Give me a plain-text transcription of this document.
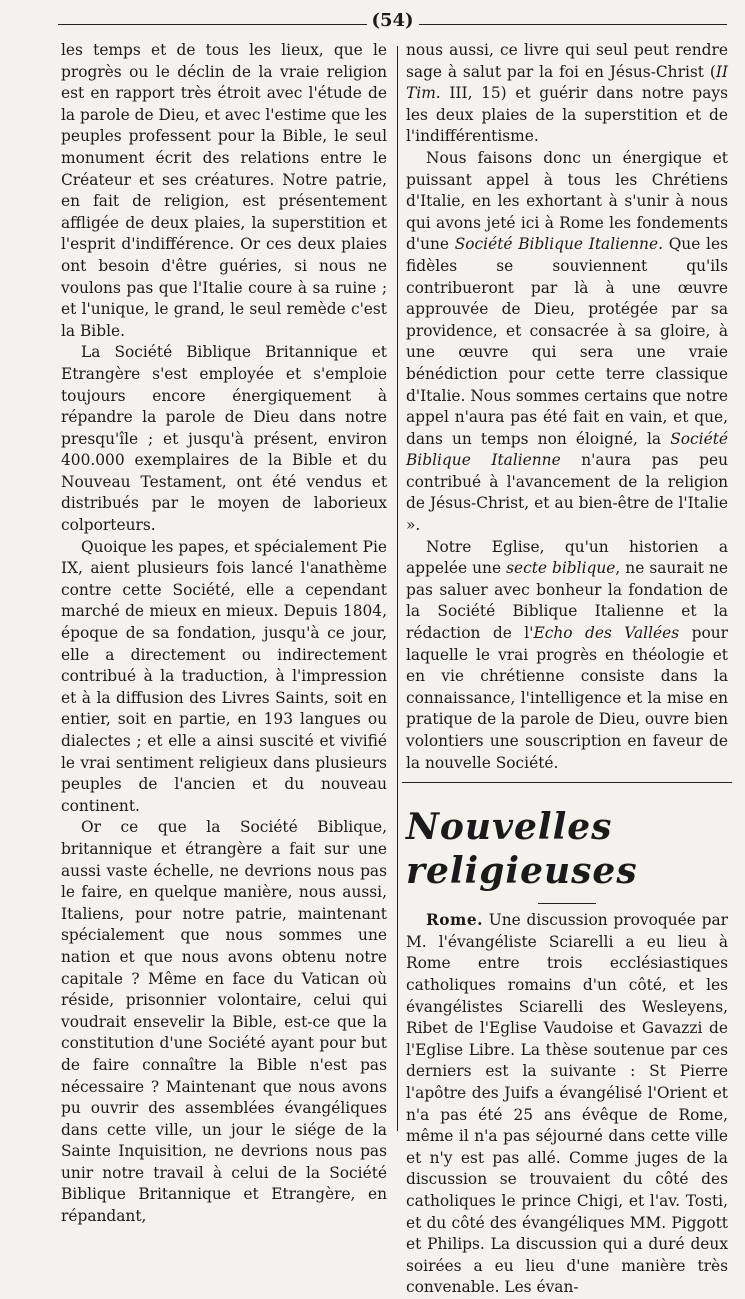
(54)

les temps et de tous les lieux, que le progrès ou le déclin de la vraie religion est en rapport très étroit avec l'étude de la parole de Dieu, et avec l'estime que les peuples professent pour la Bible, le seul monument écrit des relations entre le Créateur et ses créatures. Notre patrie, en fait de religion, est présentement affligée de deux plaies, la superstition et l'esprit d'indifférence. Or ces deux plaies ont besoin d'être guéries, si nous ne voulons pas que l'Italie coure à sa ruine ; et l'unique, le grand, le seul remède c'est la Bible.

La Société Biblique Britannique et Etrangère s'est employée et s'emploie toujours encore énergiquement à répandre la parole de Dieu dans notre presqu'île ; et jusqu'à présent, environ 400.000 exemplaires de la Bible et du Nouveau Testament, ont été vendus et distribués par le moyen de laborieux colporteurs.

Quoique les papes, et spécialement Pie IX, aient plusieurs fois lancé l'anathème contre cette Société, elle a cependant marché de mieux en mieux. Depuis 1804, époque de sa fondation, jusqu'à ce jour, elle a directement ou indirectement contribué à la traduction, à l'impression et à la diffusion des Livres Saints, soit en entier, soit en partie, en 193 langues ou dialectes ; et elle a ainsi suscité et vivifié le vrai sentiment religieux dans plusieurs peuples de l'ancien et du nouveau continent.

Or ce que la Société Biblique, britannique et étrangère a fait sur une aussi vaste échelle, ne devrions nous pas le faire, en quelque manière, nous aussi, Italiens, pour notre patrie, maintenant spécialement que nous sommes une nation et que nous avons obtenu notre capitale ? Même en face du Vatican où réside, prisonnier volontaire, celui qui voudrait ensevelir la Bible, est-ce que la constitution d'une Société ayant pour but de faire connaître la Bible n'est pas nécessaire ? Maintenant que nous avons pu ouvrir des assemblées évangéliques dans cette ville, un jour le siége de la Sainte Inquisition, ne devrions nous pas unir notre travail à celui de la Société Biblique Britannique et Etrangère, en répandant,

nous aussi, ce livre qui seul peut rendre sage à salut par la foi en Jésus-Christ (II Tim. III, 15) et guérir dans notre pays les deux plaies de la superstition et de l'indifférentisme.

Nous faisons donc un énergique et puissant appel à tous les Chrétiens d'Italie, en les exhortant à s'unir à nous qui avons jeté ici à Rome les fondements d'une Société Biblique Italienne. Que les fidèles se souviennent qu'ils contribueront par là à une œuvre approuvée de Dieu, protégée par sa providence, et consacrée à sa gloire, à une œuvre qui sera une vraie bénédiction pour cette terre classique d'Italie. Nous sommes certains que notre appel n'aura pas été fait en vain, et que, dans un temps non éloigné, la Société Biblique Italienne n'aura pas peu contribué à l'avancement de la religion de Jésus-Christ, et au bien-être de l'Italie ».

Notre Eglise, qu'un historien a appelée une secte biblique, ne saurait ne pas saluer avec bonheur la fondation de la Société Biblique Italienne et la rédaction de l'Echo des Vallées pour laquelle le vrai progrès en théologie et en vie chrétienne consiste dans la connaissance, l'intelligence et la mise en pratique de la parole de Dieu, ouvre bien volontiers une souscription en faveur de la nouvelle Société.

Nouvelles religieuses

Rome. Une discussion provoquée par M. l'évangéliste Sciarelli a eu lieu à Rome entre trois ecclésiastiques catholiques romains d'un côté, et les évangélistes Sciarelli des Wesleyens, Ribet de l'Eglise Vaudoise et Gavazzi de l'Eglise Libre. La thèse soutenue par ces derniers est la suivante : St Pierre l'apôtre des Juifs a évangélisé l'Orient et n'a pas été 25 ans évêque de Rome, même il n'a pas séjourné dans cette ville et n'y est pas allé. Comme juges de la discussion se trouvaient du côté des catholiques le prince Chigi, et l'av. Tosti, et du côté des évangéliques MM. Piggott et Philips. La discussion qui a duré deux soirées a eu lieu d'une manière très convenable. Les évan-
